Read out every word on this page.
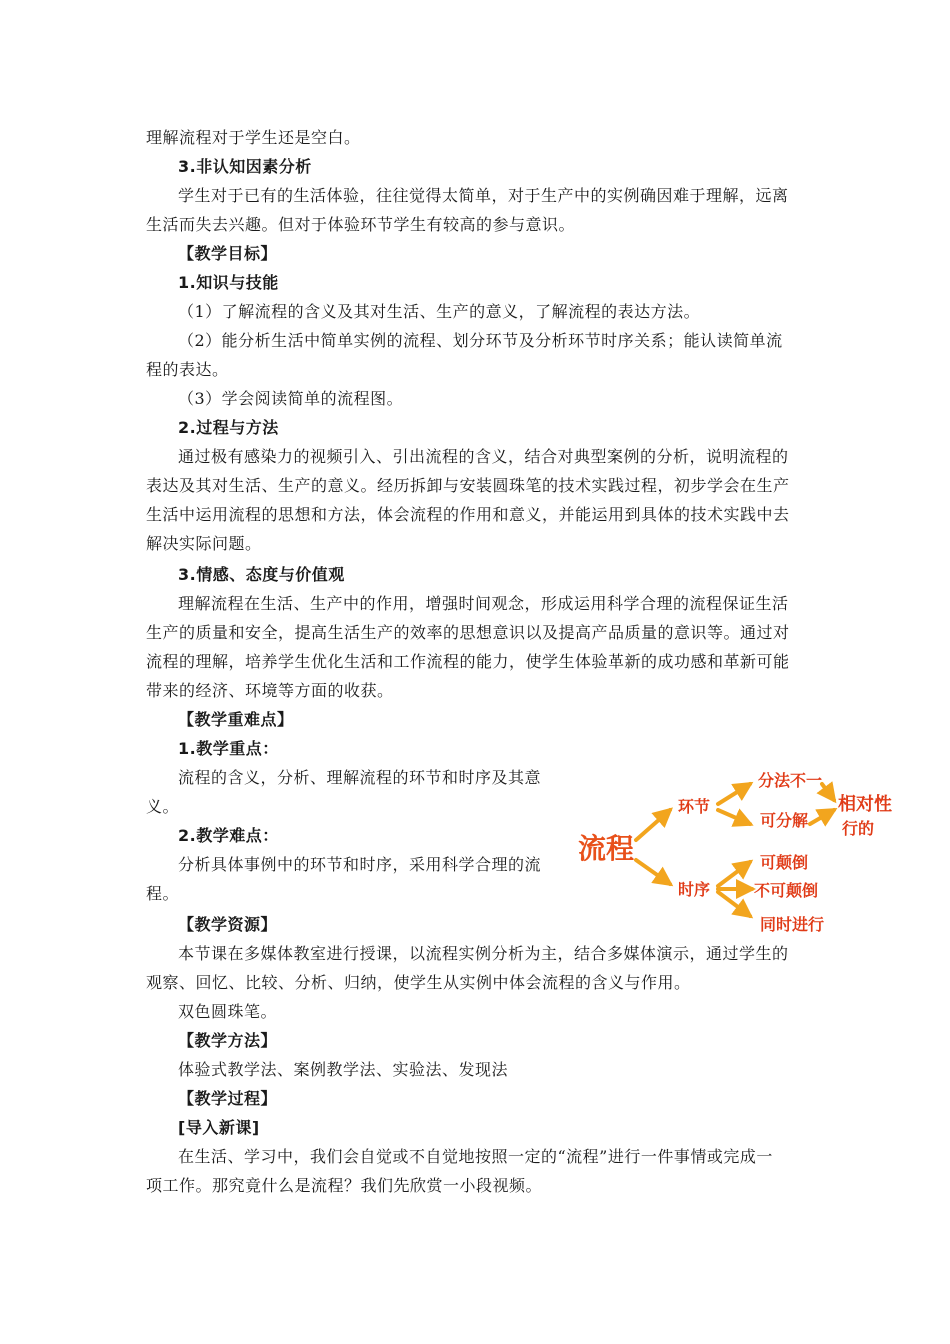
理解流程对于学生还是空白。
3.非认知因素分析
学生对于已有的生活体验，往往觉得太简单，对于生产中的实例确因难于理解，远离
生活而失去兴趣。但对于体验环节学生有较高的参与意识。
【教学目标】
1.知识与技能
（1）了解流程的含义及其对生活、生产的意义，了解流程的表达方法。
（2）能分析生活中简单实例的流程、划分环节及分析环节时序关系；能认读简单流
程的表达。
（3）学会阅读简单的流程图。
2.过程与方法
通过极有感染力的视频引入、引出流程的含义，结合对典型案例的分析，说明流程的
表达及其对生活、生产的意义。经历拆卸与安装圆珠笔的技术实践过程，初步学会在生产
生活中运用流程的思想和方法，体会流程的作用和意义，并能运用到具体的技术实践中去
解决实际问题。
3.情感、态度与价值观
理解流程在生活、生产中的作用，增强时间观念，形成运用科学合理的流程保证生活
生产的质量和安全，提高生活生产的效率的思想意识以及提高产品质量的意识等。通过对
流程的理解，培养学生优化生活和工作流程的能力，使学生体验革新的成功感和革新可能
带来的经济、环境等方面的收获。
【教学重难点】
1.教学重点：
流程的含义，分析、理解流程的环节和时序及其意
义。
2.教学难点：
分析具体事例中的环节和时序，采用科学合理的流
程。
【教学资源】
本节课在多媒体教室进行授课，以流程实例分析为主，结合多媒体演示，通过学生的
观察、回忆、比较、分析、归纳，使学生从实例中体会流程的含义与作用。
双色圆珠笔。
【教学方法】
体验式教学法、案例教学法、实验法、发现法
【教学过程】
[导入新课]
在生活、学习中，我们会自觉或不自觉地按照一定的“流程”进行一件事情或完成一
项工作。那究竟什么是流程？我们先欣赏一小段视频。
流程
环节
分法不一
可分解
相对性
行的
时序
可颠倒
不可颠倒
同时进行
